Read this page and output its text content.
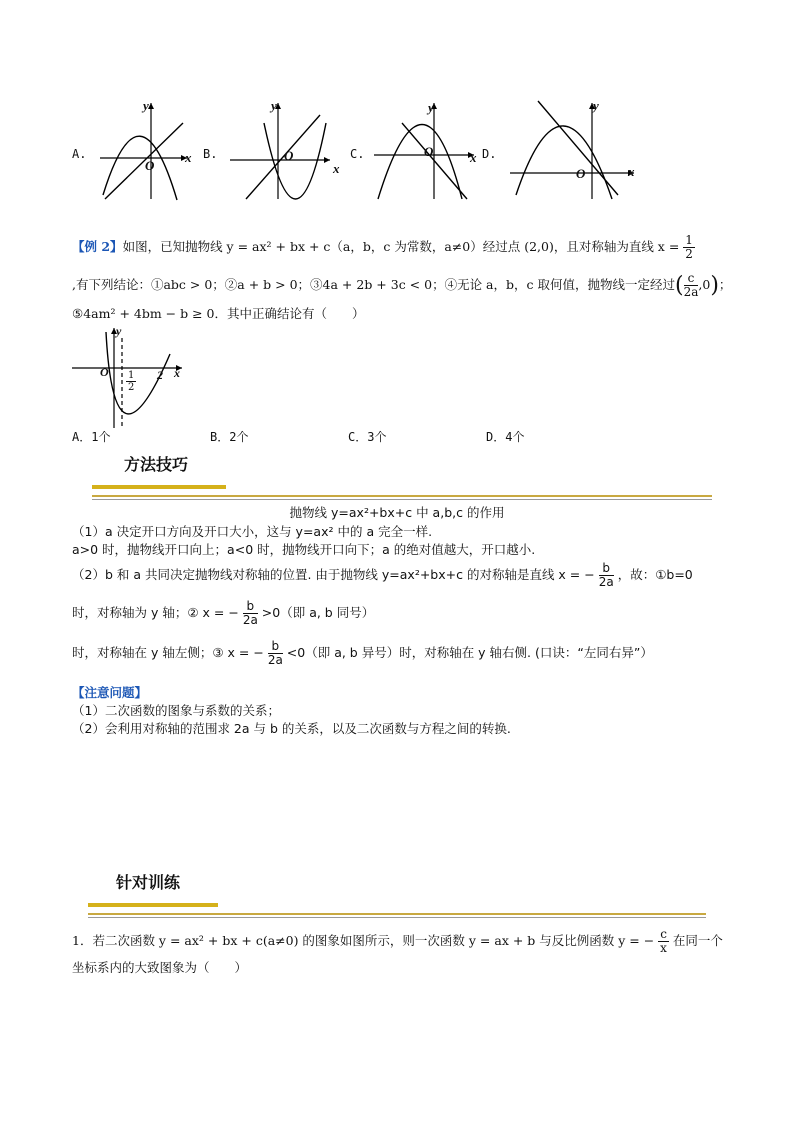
A.
y
x
O
B.
y
x
O	C.
y
x
O	D.
y
x
O
【例 2】如图，已知抛物线 y = ax² + bx + c（a，b，c 为常数，a≠0）经过点 (2,0)，且对称轴为直线 $x = \frac{1}{2}$
,有下列结论：①abc > 0；②a + b > 0；③4a + 2b + 3c < 0；④无论 a，b，c 取何值，抛物线一定经过( $\frac{c}{2a} ,0$)；
⑤4am² + 4bm − b ≥ 0．其中正确结论有（　　）
y
x
O $\frac{1}{2} 2$
A．1个	B．2个	C．3个	D．4个
方法技巧
抛物线 y=ax²+bx+c 中 a,b,c 的作用
（1）a 决定开口方向及开口大小，这与 y=ax² 中的 a 完全一样.
a>0 时，抛物线开口向上；a<0 时，抛物线开口向下；a 的绝对值越大，开口越小.
（2）b 和 a 共同决定抛物线对称轴的位置. 由于抛物线 y=ax²+bx+c 的对称轴是直线 x = − $\frac{b}{2a}$ ，故：①b=0
时，对称轴为 y 轴；② x = − $\frac{b}{2a} >0$（即 a, b 同号）
时，对称轴在 y 轴左侧；③ x = − $\frac{b}{2a} <0$（即 a, b 异号）时，对称轴在 y 轴右侧. (口诀：“左同右异”）
【注意问题】
（1）二次函数的图象与系数的关系；
（2）会利用对称轴的范围求 2a 与 b 的关系，以及二次函数与方程之间的转换.
针对训练
1．若二次函数 y = ax² + bx + c(a≠0) 的图象如图所示，则一次函数 y = ax + b 与反比例函数 y = − $\frac{c}{x}$ 在同一个
坐标系内的大致图象为（　　）
